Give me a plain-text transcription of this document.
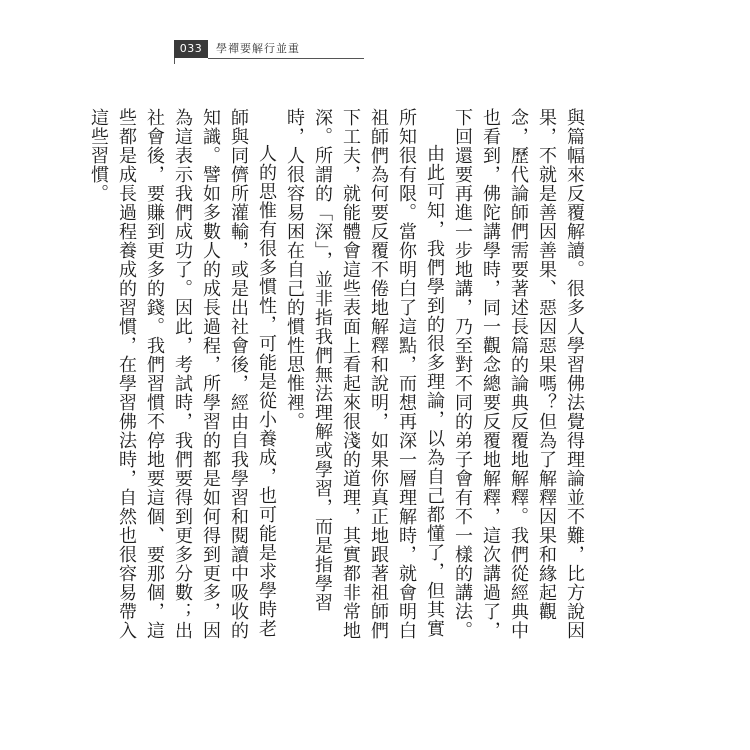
033	學禪要解行並重

與篇幅來反覆解讀。很多人學習佛法覺得理論並不難，比方說因果，不就是善因善果、惡因惡果嗎？但為了解釋因果和緣起觀念，歷代論師們需要著述長篇的論典反覆地解釋。我們從經典中也看到，佛陀講學時，同一觀念總要反覆地解釋，這次講過了，下回還要再進一步地講，乃至對不同的弟子會有不一樣的講法。

由此可知，我們學到的很多理論，以為自己都懂了，但其實所知很有限。當你明白了這點，而想再深一層理解時，就會明白祖師們為何要反覆不倦地解釋和說明，如果你真正地跟著祖師們下工夫，就能體會這些表面上看起來很淺的道理，其實都非常地深。所謂的「深」，並非指我們無法理解或學習，而是指學習時，人很容易困在自己的慣性思惟裡。

人的思惟有很多慣性，可能是從小養成，也可能是求學時老師與同儕所灌輸，或是出社會後，經由自我學習和閱讀中吸收的知識。譬如多數人的成長過程，所學習的都是如何得到更多，因為這表示我們成功了。因此，考試時，我們要得到更多分數；出社會後，要賺到更多的錢。我們習慣不停地要這個、要那個，這些都是成長過程養成的習慣，在學習佛法時，自然也很容易帶入這些習慣。
